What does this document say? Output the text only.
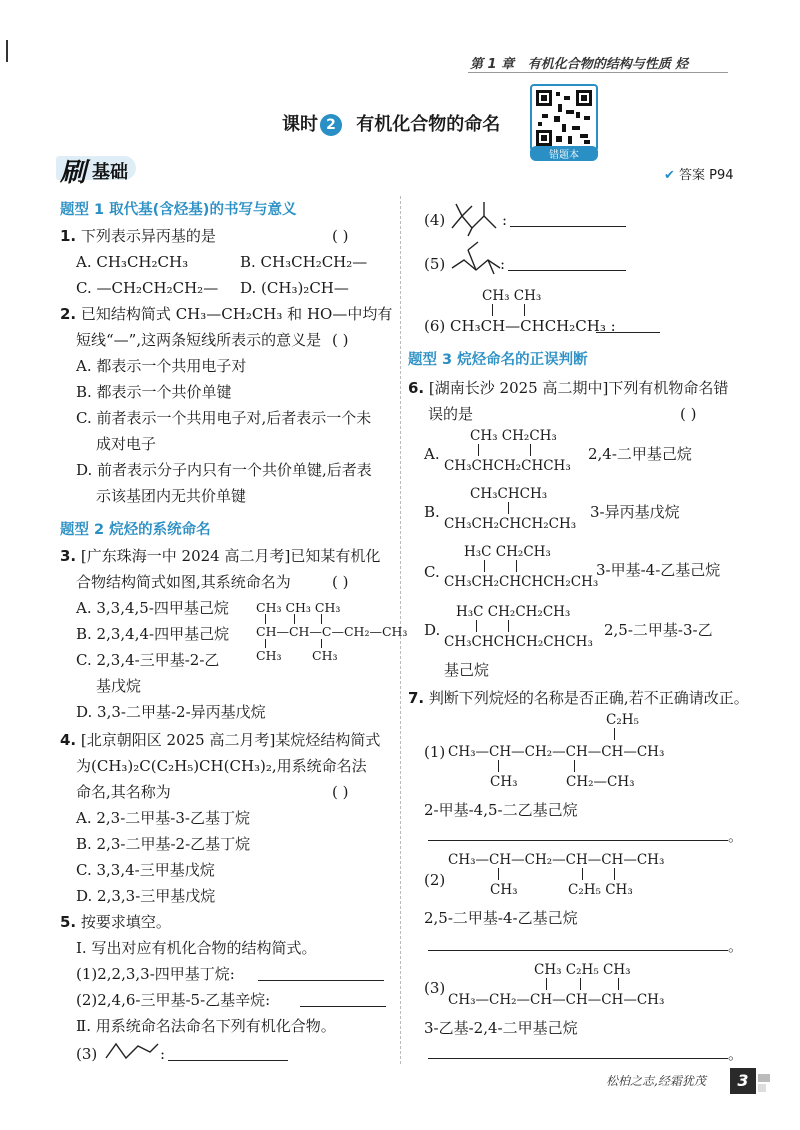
第 1 章 有机化合物的结构与性质 烃
课时 2 有机化合物的命名
错题本
刷 基础	✔ 答案 P94
题型 1 取代基(含烃基)的书写与意义
1. 下列表示异丙基的是	( )
A. CH₃CH₂CH₃	B. CH₃CH₂CH₂—
C. —CH₂CH₂CH₂— D. (CH₃)₂CH—
2. 已知结构简式 CH₃—CH₂CH₃ 和 HO—中均有
短线“—”,这两条短线所表示的意义是 ( )
A. 都表示一个共用电子对
B. 都表示一个共价单键
C. 前者表示一个共用电子对,后者表示一个未
成对电子
D. 前者表示分子内只有一个共价单键,后者表
示该基团内无共价单键
题型 2 烷烃的系统命名
3. [广东珠海一中 2024 高二月考]已知某有机化
合物结构简式如图,其系统命名为	( )
A. 3,3,4,5-四甲基己烷
B. 2,3,4,4-四甲基己烷
C. 2,3,4-三甲基-2-乙
基戊烷
D. 3,3-二甲基-2-异丙基戊烷
CH₃ CH₃ CH₃
CH—CH—C—CH₂—CH₃
CH₃ CH₃
4. [北京朝阳区 2025 高二月考]某烷烃结构简式
为(CH₃)₂C(C₂H₅)CH(CH₃)₂,用系统命名法
命名,其名称为	( )
A. 2,3-二甲基-3-乙基丁烷
B. 2,3-二甲基-2-乙基丁烷
C. 3,3,4-三甲基戊烷
D. 2,3,3-三甲基戊烷
5. 按要求填空。
Ⅰ. 写出对应有机化合物的结构简式。
(1)2,2,3,3-四甲基丁烷:
(2)2,4,6-三甲基-5-乙基辛烷:
Ⅱ. 用系统命名法命名下列有机化合物。
(3)	:
(4)	:
(5)	:
CH₃ CH₃
(6) CH₃CH—CHCH₂CH₃ :
题型 3 烷烃命名的正误判断
6. [湖南长沙 2025 高二期中]下列有机物命名错
误的是	( )
CH₃ CH₂CH₃
A.
CH₃CHCH₂CHCH₃
2,4-二甲基己烷
CH₃CHCH₃
B.
CH₃CH₂CHCH₂CH₃
3-异丙基戊烷
H₃C CH₂CH₃
C.
CH₃CH₂CHCHCH₂CH₃
3-甲基-4-乙基己烷
H₃C CH₂CH₂CH₃
D.
CH₃CHCHCH₂CHCH₃
2,5-二甲基-3-乙
基己烷
7. 判断下列烷烃的名称是否正确,若不正确请改正。
C₂H₅
(1) CH₃—CH—CH₂—CH—CH—CH₃
CH₃	CH₂—CH₃
2-甲基-4,5-二乙基己烷
。
CH₃—CH—CH₂—CH—CH—CH₃
(2)
CH₃	C₂H₅ CH₃
2,5-二甲基-4-乙基己烷
。
CH₃ C₂H₅ CH₃
(3)
CH₃—CH₂—CH—CH—CH—CH₃
3-乙基-2,4-二甲基己烷
。
松柏之志,经霜犹茂	3
